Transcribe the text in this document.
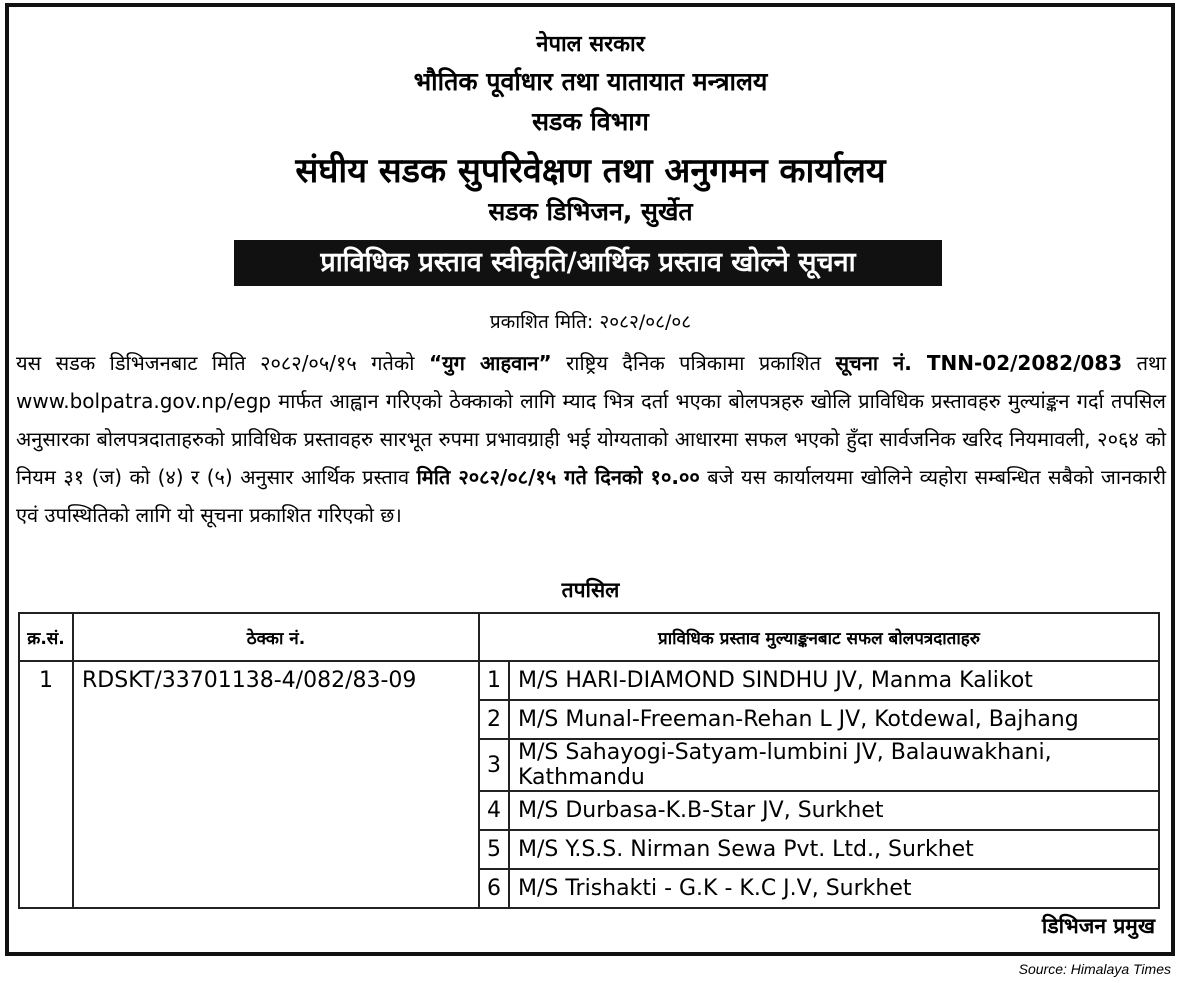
नेपाल सरकार
भौतिक पूर्वाधार तथा यातायात मन्त्रालय
सडक विभाग
संघीय सडक सुपरिवेक्षण तथा अनुगमन कार्यालय
सडक डिभिजन, सुर्खेत
प्राविधिक प्रस्ताव स्वीकृति/आर्थिक प्रस्ताव खोल्ने सूचना
प्रकाशित मिति: २०८२/०८/०८
यस सडक डिभिजनबाट मिति २०८२/०५/१५ गतेको “युग आहवान” राष्ट्रिय दैनिक पत्रिकामा प्रकाशित सूचना नं. TNN-02/2082/083 तथा www.bolpatra.gov.np/egp मार्फत आह्वान गरिएको ठेक्काको लागि म्याद भित्र दर्ता भएका बोलपत्रहरु खोलि प्राविधिक प्रस्तावहरु मुल्यांङ्कन गर्दा तपसिल अनुसारका बोलपत्रदाताहरुको प्राविधिक प्रस्तावहरु सारभूत रुपमा प्रभावग्राही भई योग्यताको आधारमा सफल भएको हुँदा सार्वजनिक खरिद नियमावली, २०६४ को नियम ३१ (ज) को (४) र (५) अनुसार आर्थिक प्रस्ताव मिति २०८२/०८/१५ गते दिनको १०.०० बजे यस कार्यालयमा खोलिने व्यहोरा सम्बन्धित सबैको जानकारी एवं उपस्थितिको लागि यो सूचना प्रकाशित गरिएको छ।
तपसिल
क्र.सं.	ठेक्का नं.	प्राविधिक प्रस्ताव मुल्याङ्कनबाट सफल बोलपत्रदाताहरु	
1	RDSKT/33701138-4/082/83-09	1	M/S HARI-DIAMOND SINDHU JV, Manma Kalikot
		2	M/S Munal-Freeman-Rehan L JV, Kotdewal, Bajhang
		3	M/S Sahayogi-Satyam-lumbini JV, Balauwakhani, Kathmandu
		4	M/S Durbasa-K.B-Star JV, Surkhet
		5	M/S Y.S.S. Nirman Sewa Pvt. Ltd., Surkhet
		6	M/S Trishakti - G.K - K.C J.V, Surkhet
डिभिजन प्रमुख
Source: Himalaya Times
